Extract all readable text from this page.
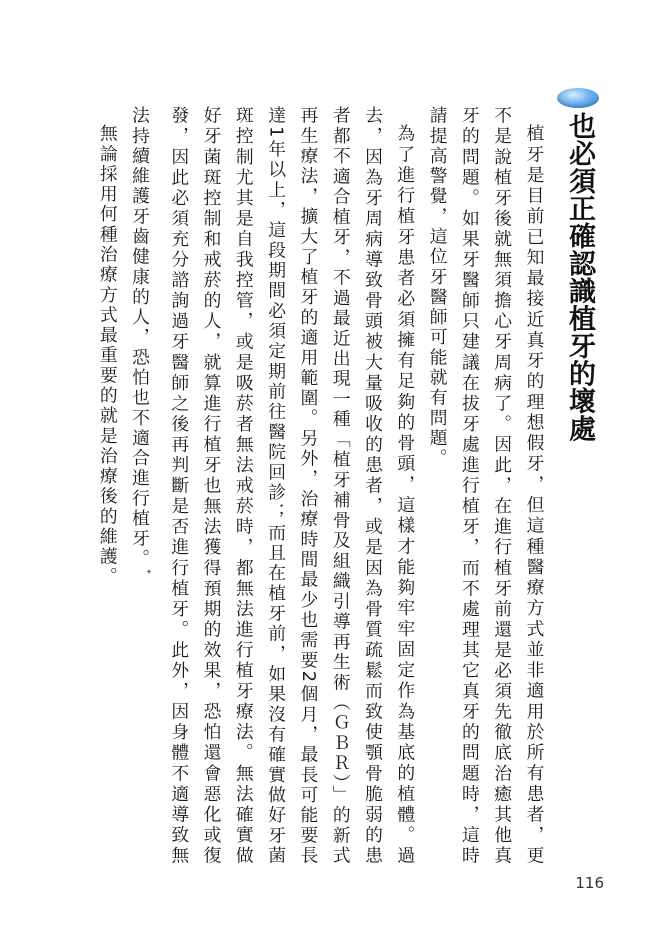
也必須正確認識植牙的壞處

植牙是目前已知最接近真牙的理想假牙，但這種醫療方式並非適用於所有患者，更不是說植牙後就無須擔心牙周病了。因此，在進行植牙前還是必須先徹底治癒其他真牙的問題。如果牙醫師只建議在拔牙處進行植牙，而不處理其它真牙的問題時，這時請提高警覺，這位牙醫師可能就有問題。

為了進行植牙患者必須擁有足夠的骨頭，這樣才能夠牢牢固定作為基底的植體。過去，因為牙周病導致骨頭被大量吸收的患者，或是因為骨質疏鬆而致使顎骨脆弱的患者都不適合植牙，不過最近出現一種「植牙補骨及組織引導再生術（ＧＢＲ）」的新式再生療法，擴大了植牙的適用範圍。另外，治療時間最少也需要2個月，最長可能要長達1年以上，這段期間必須定期前往醫院回診；而且在植牙前，如果沒有確實做好牙菌斑控制尤其是自我控管，或是吸菸者無法戒菸時，都無法進行植牙療法。無法確實做好牙菌斑控制和戒菸的人，就算進行植牙也無法獲得預期的效果，恐怕還會惡化或復發，因此必須充分諮詢過牙醫師之後再判斷是否進行植牙。此外，因身體不適導致無法持續維護牙齒健康的人，恐怕也不適合進行植牙。*

無論採用何種治療方式最重要的就是治療後的維護。

116
